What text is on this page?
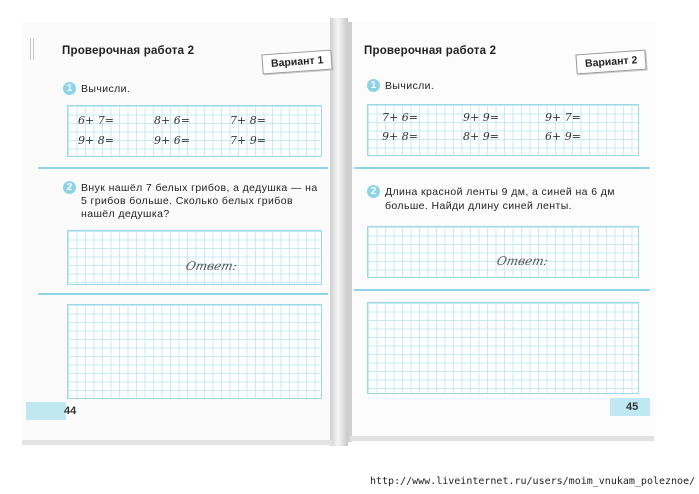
Проверочная работа 2
Вариант 1
1 Вычисли.
6+ 7=	8+ 6=	7+ 8=
9+ 8=	9+ 6=	7+ 9=
2 Внук нашёл 7 белых грибов, а дедушка — на
5 грибов больше. Сколько белых грибов
нашёл дедушка?
Ответ:
44
Проверочная работа 2
Вариант 2
1 Вычисли.
7+ 6=	9+ 9=	9+ 7=
9+ 8=	8+ 9=	6+ 9=
2 Длина красной ленты 9 дм, а синей на 6 дм
больше. Найди длину синей ленты.
Ответ:
45
http://www.liveinternet.ru/users/moim_vnukam_poleznoe/
